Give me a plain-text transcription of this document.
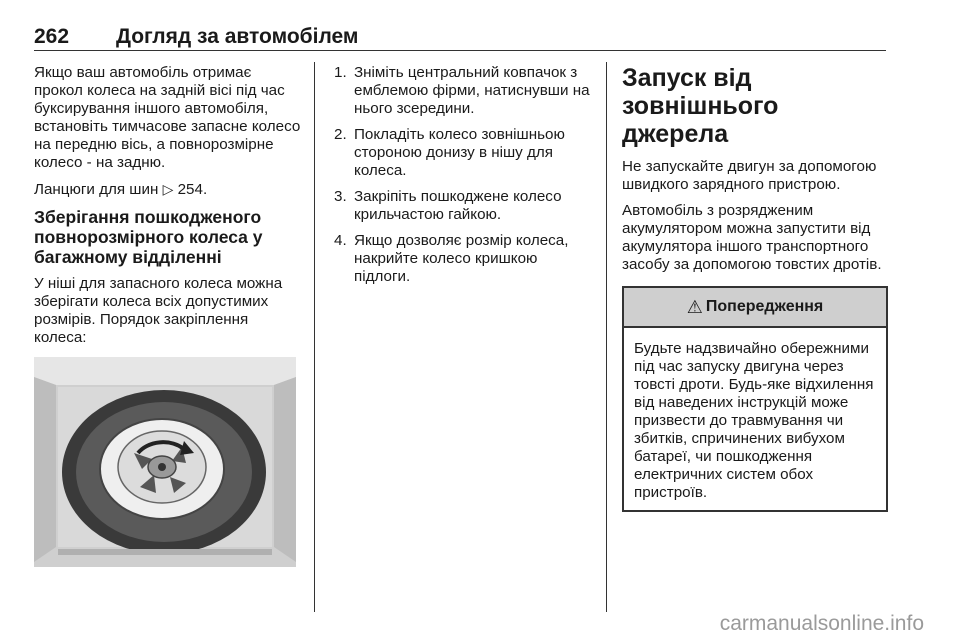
262 Догляд за автомобілем

Якщо ваш автомобіль отримає прокол колеса на задній вісі під час буксирування іншого автомобіля, встановіть тимчасове запасне колесо на передню вісь, а повнорозмірне колесо - на задню.

Ланцюги для шин ▷ 254.

Зберігання пошкодженого повнорозмірного колеса у багажному відділенні

У ніші для запасного колеса можна зберігати колеса всіх допустимих розмірів. Порядок закріплення колеса:

1. Зніміть центральний ковпачок з емблемою фірми, натиснувши на нього зсередини.
2. Покладіть колесо зовнішньою стороною донизу в нішу для колеса.
3. Закріпіть пошкоджене колесо крильчастою гайкою.
4. Якщо дозволяє розмір колеса, накрийте колесо кришкою підлоги.
Запуск від зовнішнього джерела

Не запускайте двигун за допомогою швидкого зарядного пристрою.

Автомобіль з розрядженим акумулятором можна запустити від акумулятора іншого транспортного засобу за допомогою товстих дротів.

⚠ Попередження

Будьте надзвичайно обережними під час запуску двигуна через товсті дроти. Будь-яке відхилення від наведених інструкцій може призвести до травмування чи збитків, спричинених вибухом батареї, чи пошкодження електричних систем обох пристроїв.

carmanualsonline.info
